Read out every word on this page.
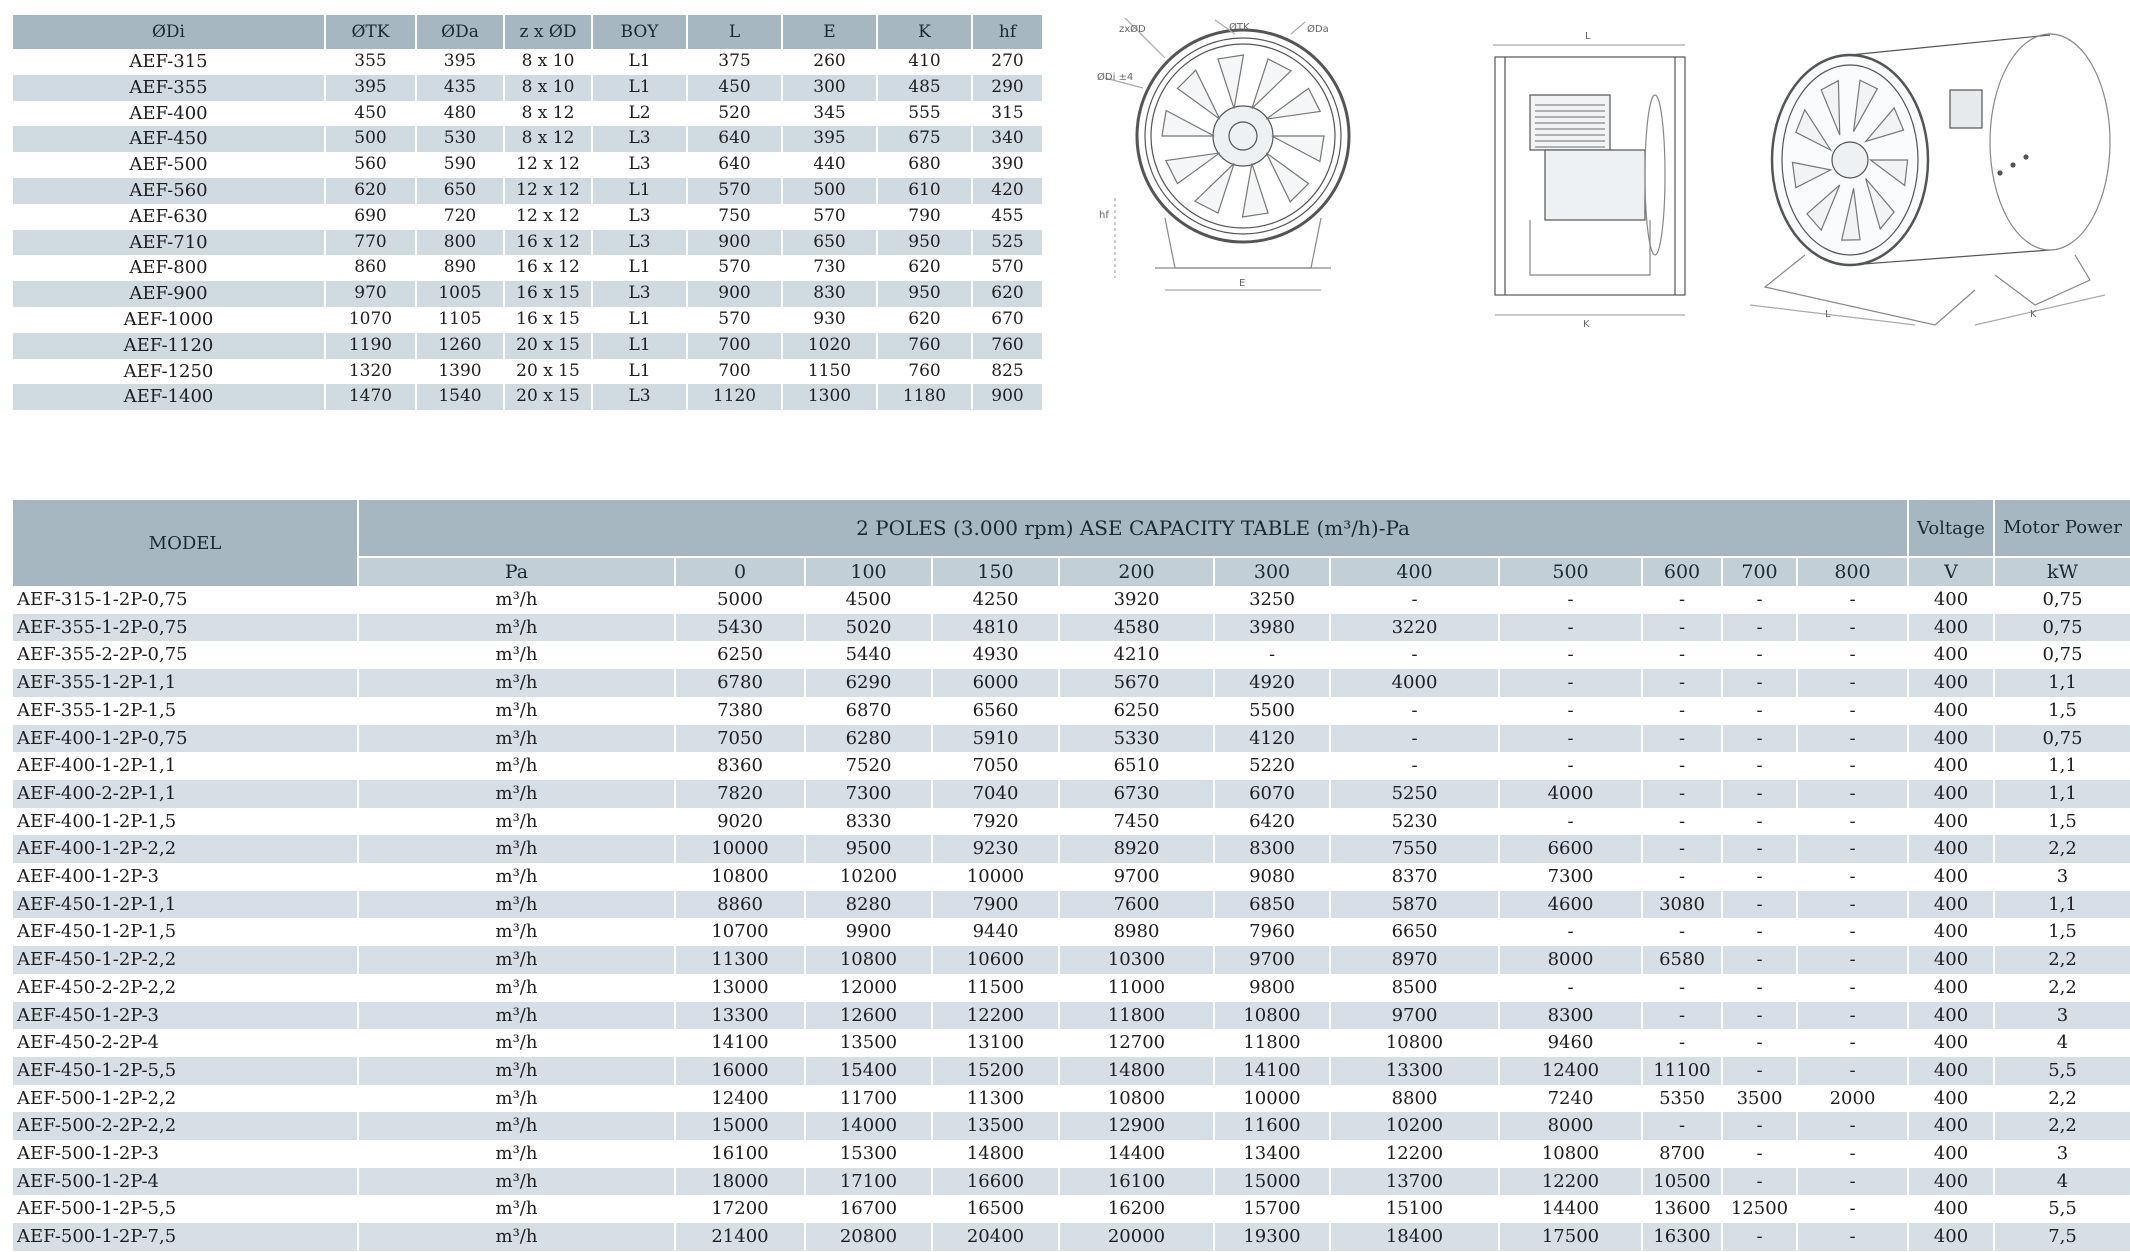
ØDi	ØTK	ØDa	z x ØD	BOY	L	E	K	hf
AEF-315	355	395	8 x 10	L1	375	260	410	270
AEF-355	395	435	8 x 10	L1	450	300	485	290
AEF-400	450	480	8 x 12	L2	520	345	555	315
AEF-450	500	530	8 x 12	L3	640	395	675	340
AEF-500	560	590	12 x 12	L3	640	440	680	390
AEF-560	620	650	12 x 12	L1	570	500	610	420
AEF-630	690	720	12 x 12	L3	750	570	790	455
AEF-710	770	800	16 x 12	L3	900	650	950	525
AEF-800	860	890	16 x 12	L1	570	730	620	570
AEF-900	970	1005	16 x 15	L3	900	830	950	620
AEF-1000	1070	1105	16 x 15	L1	570	930	620	670
AEF-1120	1190	1260	20 x 15	L1	700	1020	760	760
AEF-1250	1320	1390	20 x 15	L1	700	1150	760	825
AEF-1400	1470	1540	20 x 15	L3	1120	1300	1180	900
zxØD	ØTK	ØDa
ØDi ±4
hf
E
L
K
L	K
MODEL	2 POLES (3.000 rpm) ASE CAPACITY TABLE (m³/h)-Pa											Voltage	Motor Power
	Pa	0	100	150	200	300	400	500	600	700	800	V	kW
AEF-315-1-2P-0,75	m³/h	5000	4500	4250	3920	3250	-	-	-	-	-	400	0,75
AEF-355-1-2P-0,75	m³/h	5430	5020	4810	4580	3980	3220	-	-	-	-	400	0,75
AEF-355-2-2P-0,75	m³/h	6250	5440	4930	4210	-	-	-	-	-	-	400	0,75
AEF-355-1-2P-1,1	m³/h	6780	6290	6000	5670	4920	4000	-	-	-	-	400	1,1
AEF-355-1-2P-1,5	m³/h	7380	6870	6560	6250	5500	-	-	-	-	-	400	1,5
AEF-400-1-2P-0,75	m³/h	7050	6280	5910	5330	4120	-	-	-	-	-	400	0,75
AEF-400-1-2P-1,1	m³/h	8360	7520	7050	6510	5220	-	-	-	-	-	400	1,1
AEF-400-2-2P-1,1	m³/h	7820	7300	7040	6730	6070	5250	4000	-	-	-	400	1,1
AEF-400-1-2P-1,5	m³/h	9020	8330	7920	7450	6420	5230	-	-	-	-	400	1,5
AEF-400-1-2P-2,2	m³/h	10000	9500	9230	8920	8300	7550	6600	-	-	-	400	2,2
AEF-400-1-2P-3	m³/h	10800	10200	10000	9700	9080	8370	7300	-	-	-	400	3
AEF-450-1-2P-1,1	m³/h	8860	8280	7900	7600	6850	5870	4600	3080	-	-	400	1,1
AEF-450-1-2P-1,5	m³/h	10700	9900	9440	8980	7960	6650	-	-	-	-	400	1,5
AEF-450-1-2P-2,2	m³/h	11300	10800	10600	10300	9700	8970	8000	6580	-	-	400	2,2
AEF-450-2-2P-2,2	m³/h	13000	12000	11500	11000	9800	8500	-	-	-	-	400	2,2
AEF-450-1-2P-3	m³/h	13300	12600	12200	11800	10800	9700	8300	-	-	-	400	3
AEF-450-2-2P-4	m³/h	14100	13500	13100	12700	11800	10800	9460	-	-	-	400	4
AEF-450-1-2P-5,5	m³/h	16000	15400	15200	14800	14100	13300	12400	11100	-	-	400	5,5
AEF-500-1-2P-2,2	m³/h	12400	11700	11300	10800	10000	8800	7240	5350	3500	2000	400	2,2
AEF-500-2-2P-2,2	m³/h	15000	14000	13500	12900	11600	10200	8000	-	-	-	400	2,2
AEF-500-1-2P-3	m³/h	16100	15300	14800	14400	13400	12200	10800	8700	-	-	400	3
AEF-500-1-2P-4	m³/h	18000	17100	16600	16100	15000	13700	12200	10500	-	-	400	4
AEF-500-1-2P-5,5	m³/h	17200	16700	16500	16200	15700	15100	14400	13600	12500	-	400	5,5
AEF-500-1-2P-7,5	m³/h	21400	20800	20400	20000	19300	18400	17500	16300	-	-	400	7,5
